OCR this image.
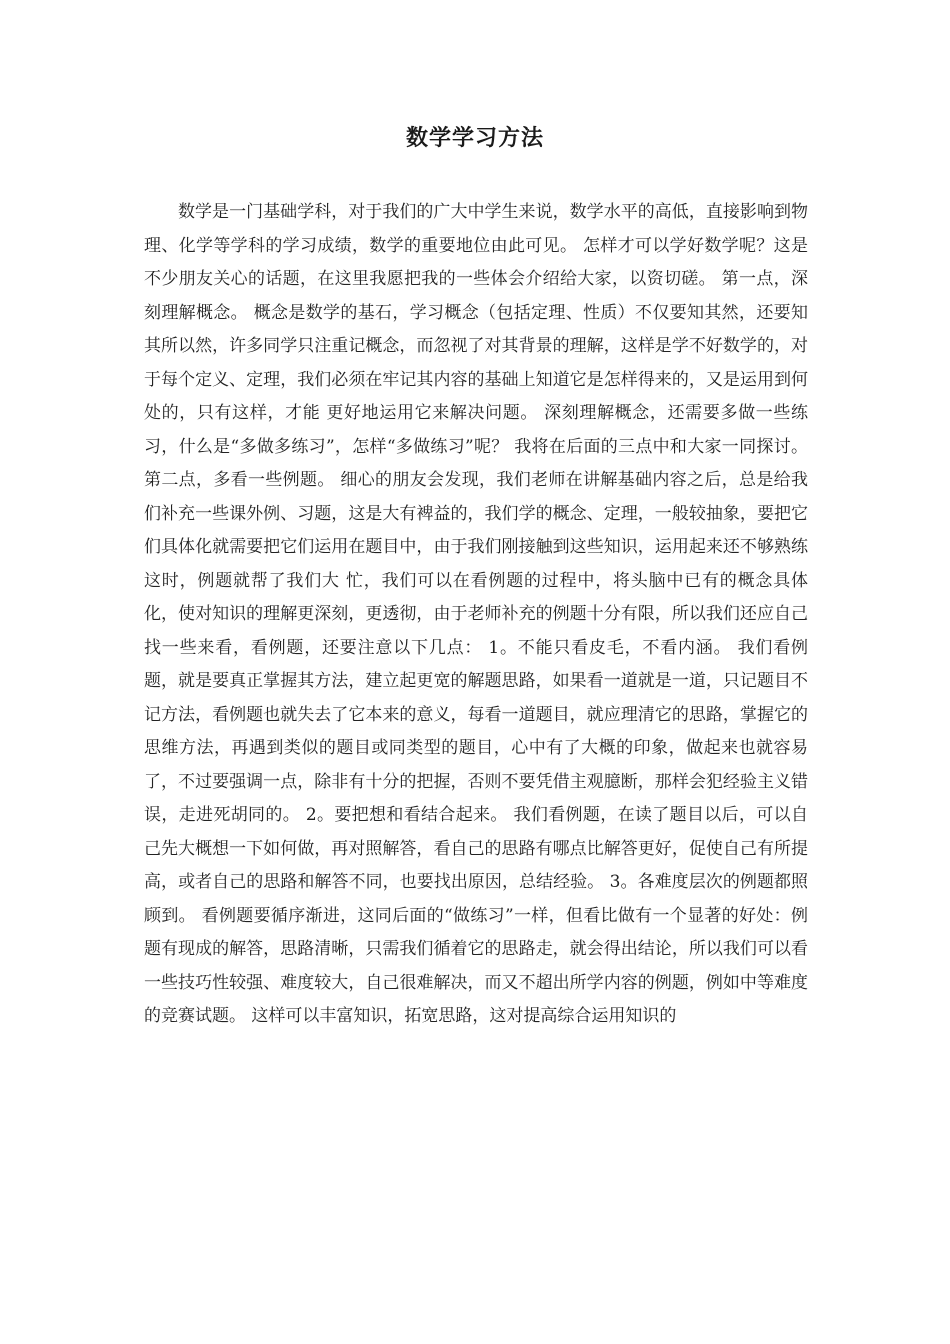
数学学习方法

数学是一门基础学科，对于我们的广大中学生来说，数学水平的高低，直接影响到物理、化学等学科的学习成绩，数学的重要地位由此可见。 怎样才可以学好数学呢？这是不少朋友关心的话题，在这里我愿把我的一些体会介绍给大家，以资切磋。 第一点，深刻理解概念。 概念是数学的基石，学习概念（包括定理、性质）不仅要知其然，还要知其所以然，许多同学只注重记概念，而忽视了对其背景的理解，这样是学不好数学的，对于每个定义、定理，我们必须在牢记其内容的基础上知道它是怎样得来的，又是运用到何处的，只有这样，才能 更好地运用它来解决问题。 深刻理解概念，还需要多做一些练习，什么是“多做多练习”，怎样“多做练习”呢？ 我将在后面的三点中和大家一同探讨。 第二点，多看一些例题。 细心的朋友会发现，我们老师在讲解基础内容之后，总是给我们补充一些课外例、习题，这是大有裨益的，我们学的概念、定理，一般较抽象，要把它们具体化就需要把它们运用在题目中，由于我们刚接触到这些知识，运用起来还不够熟练这时，例题就帮了我们大 忙，我们可以在看例题的过程中，将头脑中已有的概念具体化，使对知识的理解更深刻，更透彻，由于老师补充的例题十分有限，所以我们还应自己找一些来看，看例题，还要注意以下几点： 1。不能只看皮毛，不看内涵。 我们看例题，就是要真正掌握其方法，建立起更宽的解题思路，如果看一道就是一道，只记题目不记方法，看例题也就失去了它本来的意义，每看一道题目，就应理清它的思路，掌握它的思维方法，再遇到类似的题目或同类型的题目，心中有了大概的印象，做起来也就容易 了，不过要强调一点，除非有十分的把握，否则不要凭借主观臆断，那样会犯经验主义错误，走进死胡同的。 2。要把想和看结合起来。 我们看例题，在读了题目以后，可以自己先大概想一下如何做，再对照解答，看自己的思路有哪点比解答更好，促使自己有所提高，或者自己的思路和解答不同，也要找出原因，总结经验。 3。各难度层次的例题都照顾到。 看例题要循序渐进，这同后面的“做练习”一样，但看比做有一个显著的好处：例题有现成的解答，思路清晰，只需我们循着它的思路走，就会得出结论，所以我们可以看一些技巧性较强、难度较大，自己很难解决，而又不超出所学内容的例题，例如中等难度的竞赛试题。 这样可以丰富知识，拓宽思路，这对提高综合运用知识的
